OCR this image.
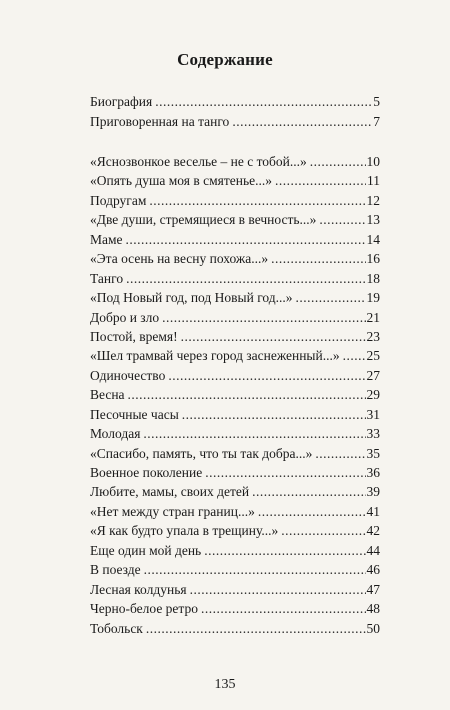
Содержание
Биография .....	5
Приговоренная на танго .....	7
«Яснозвонкое веселье – не с тобой...» .....	10
«Опять душа моя в смятенье...» .....	11
Подругам .....	12
«Две души, стремящиеся в вечность...» .....	13
Маме .....	14
«Эта осень на весну похожа...» .....	16
Танго .....	18
«Под Новый год, под Новый год...» .....	19
Добро и зло .....	21
Постой, время! .....	23
«Шел трамвай через город заснеженный...» ..... 25
Одиночество .....	27
Весна .....	29
Песочные часы .....	31
Молодая .....	33
«Спасибо, память, что ты так добра...» .....	35
Военное поколение .....	36
Любите, мамы, своих детей .....	39
«Нет между стран границ...» .....	41
«Я как будто упала в трещину...» .....	42
Еще один мой день .....	44
В поезде .....	46
Лесная колдунья .....	47
Черно-белое ретро .....	48
Тобольск .....	50
135
